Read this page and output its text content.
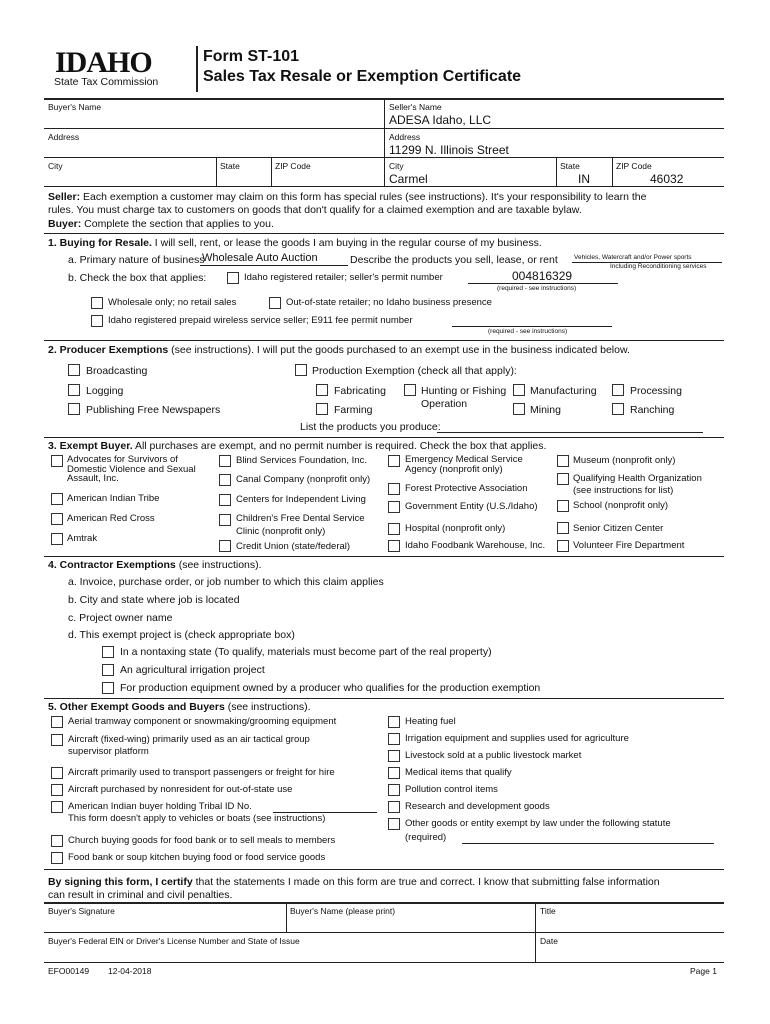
IDAHO
State Tax Commission
Form ST-101
Sales Tax Resale or Exemption Certificate
Buyer's Name
Address
City	State	ZIP Code
Seller's Name
ADESA Idaho, LLC
Address
11299 N. Illinois Street
City
Carmel
State
IN
ZIP Code
46032
Seller: Each exemption a customer may claim on this form has special rules (see instructions). It's your responsibility to learn the
rules. You must charge tax to customers on goods that don't qualify for a claimed exemption and are taxable bylaw.
Buyer: Complete the section that applies to you.
1. Buying for Resale. I will sell, rent, or lease the goods I am buying in the regular course of my business.
a. Primary nature of business
Wholesale Auto Auction	Describe the products you sell, lease, or rent Vehicles, Watercraft and/or Power sports
Including Reconditioning services
b. Check the box that applies:	Idaho registered retailer; seller's permit number	004816329
(required - see instructions)
Wholesale only; no retail sales	Out-of-state retailer; no Idaho business presence
Idaho registered prepaid wireless service seller; E911 fee permit number
(required - see instructions)
2. Producer Exemptions (see instructions). I will put the goods purchased to an exempt use in the business indicated below.
Broadcasting
Logging
Publishing Free Newspapers
Production Exemption (check all that apply):
Fabricating
Farming
Hunting or Fishing
Operation
Manufacturing
Mining
Processing
Ranching
List the products you produce:
3. Exempt Buyer. All purchases are exempt, and no permit number is required. Check the box that applies.
Advocates for Survivors of
Domestic Violence and Sexual
Assault, Inc.
American Indian Tribe
American Red Cross
Amtrak
Blind Services Foundation, Inc.
Canal Company (nonprofit only)
Centers for Independent Living
Children's Free Dental Service
Clinic (nonprofit only)
Credit Union (state/federal)
Emergency Medical Service
Agency (nonprofit only)
Forest Protective Association
Government Entity (U.S./Idaho)
Hospital (nonprofit only)
Idaho Foodbank Warehouse, Inc.
Museum (nonprofit only)
Qualifying Health Organization
(see instructions for list)
School (nonprofit only)
Senior Citizen Center
Volunteer Fire Department
4. Contractor Exemptions (see instructions).
a. Invoice, purchase order, or job number to which this claim applies
b. City and state where job is located
c. Project owner name
d. This exempt project is (check appropriate box)
In a nontaxing state (To qualify, materials must become part of the real property)
An agricultural irrigation project
For production equipment owned by a producer who qualifies for the production exemption
5. Other Exempt Goods and Buyers (see instructions).
Aerial tramway component or snowmaking/grooming equipment
Aircraft (fixed-wing) primarily used as an air tactical group
supervisor platform
Aircraft primarily used to transport passengers or freight for hire
Aircraft purchased by nonresident for out-of-state use
American Indian buyer holding Tribal ID No.
This form doesn't apply to vehicles or boats (see instructions)
Church buying goods for food bank or to sell meals to members
Food bank or soup kitchen buying food or food service goods
Heating fuel
Irrigation equipment and supplies used for agriculture
Livestock sold at a public livestock market
Medical items that qualify
Pollution control items
Research and development goods
Other goods or entity exempt by law under the following statute
(required)
By signing this form, I certify that the statements I made on this form are true and correct. I know that submitting false information
can result in criminal and civil penalties.
Buyer's Signature	Buyer's Name (please print)	Title
Buyer's Federal EIN or Driver's License Number and State of Issue	Date
EFO00149 12-04-2018	Page 1
